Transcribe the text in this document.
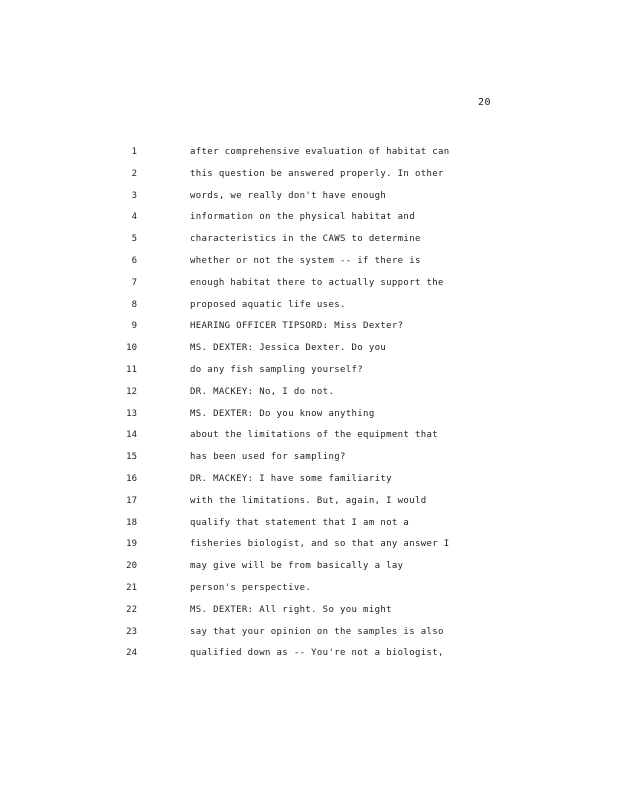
20
1	after comprehensive evaluation of habitat can
2	this question be answered properly. In other
3	words, we really don't have enough
4	information on the physical habitat and
5	characteristics in the CAWS to determine
6	whether or not the system -- if there is
7	enough habitat there to actually support the
8	proposed aquatic life uses.
9	HEARING OFFICER TIPSORD: Miss Dexter?
10	MS. DEXTER: Jessica Dexter. Do you
11	do any fish sampling yourself?
12	DR. MACKEY: No, I do not.
13	MS. DEXTER: Do you know anything
14	about the limitations of the equipment that
15	has been used for sampling?
16	DR. MACKEY: I have some familiarity
17	with the limitations. But, again, I would
18	qualify that statement that I am not a
19	fisheries biologist, and so that any answer I
20	may give will be from basically a lay
21	person's perspective.
22	MS. DEXTER: All right. So you might
23	say that your opinion on the samples is also
24	qualified down as -- You're not a biologist,
